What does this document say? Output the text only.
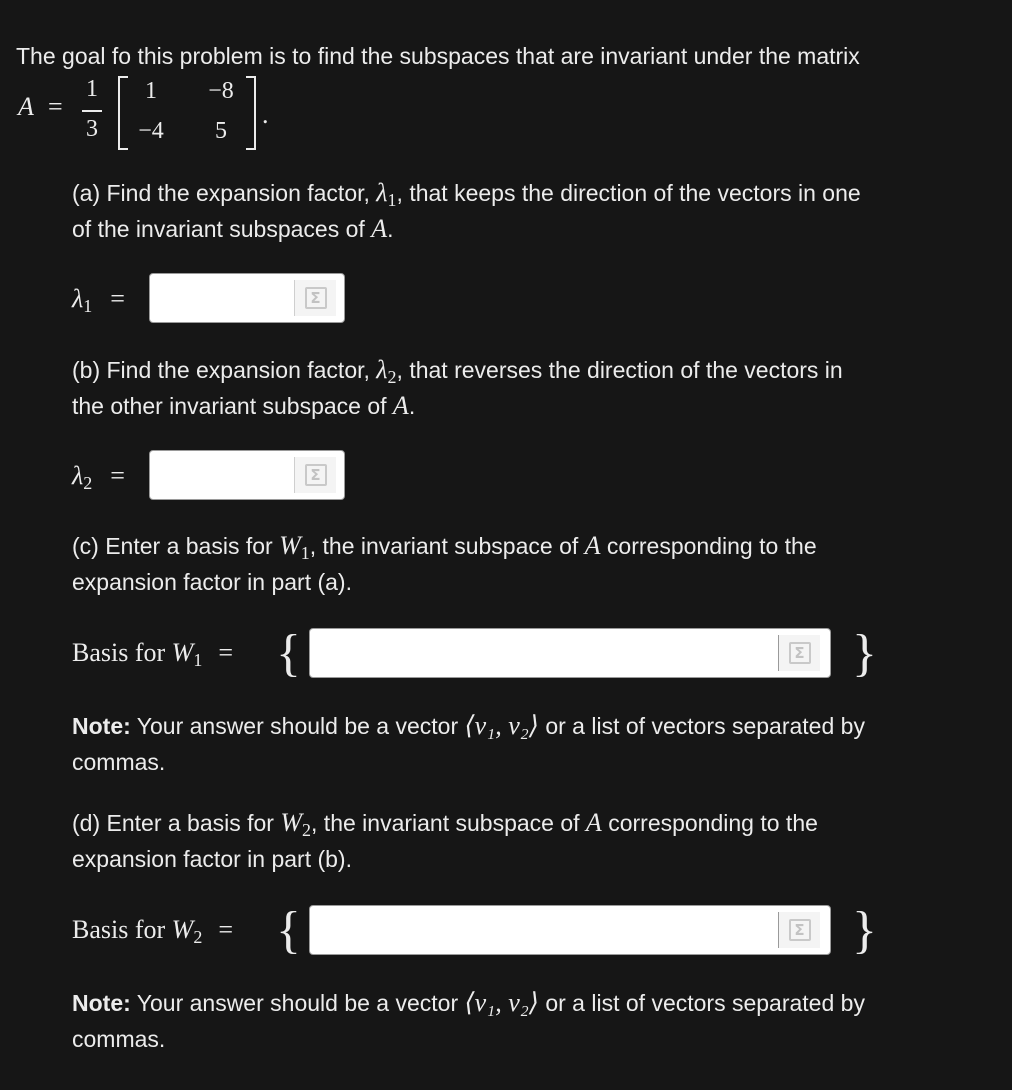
The goal fo this problem is to find the subspaces that are invariant under the matrix
A =
1
3
1	−8
−4	5
.
(a) Find the expansion factor, $\lambda_1$, that keeps the direction of the vectors in one
of the invariant subspaces of A.
$\lambda_1$ =	Σ
(b) Find the expansion factor, $\lambda_2$, that reverses the direction of the vectors in
the other invariant subspace of A.
$\lambda_2$ =	Σ
(c) Enter a basis for $W_1$, the invariant subspace of A corresponding to the
expansion factor in part (a).
Basis for $W_1$ = {	Σ }
Note: Your answer should be a vector ⟨v₁, v₂⟩ or a list of vectors separated by
commas.
(d) Enter a basis for $W_2$, the invariant subspace of A corresponding to the
expansion factor in part (b).
Basis for $W_2$ = {	Σ }
Note: Your answer should be a vector ⟨v₁, v₂⟩ or a list of vectors separated by
commas.
